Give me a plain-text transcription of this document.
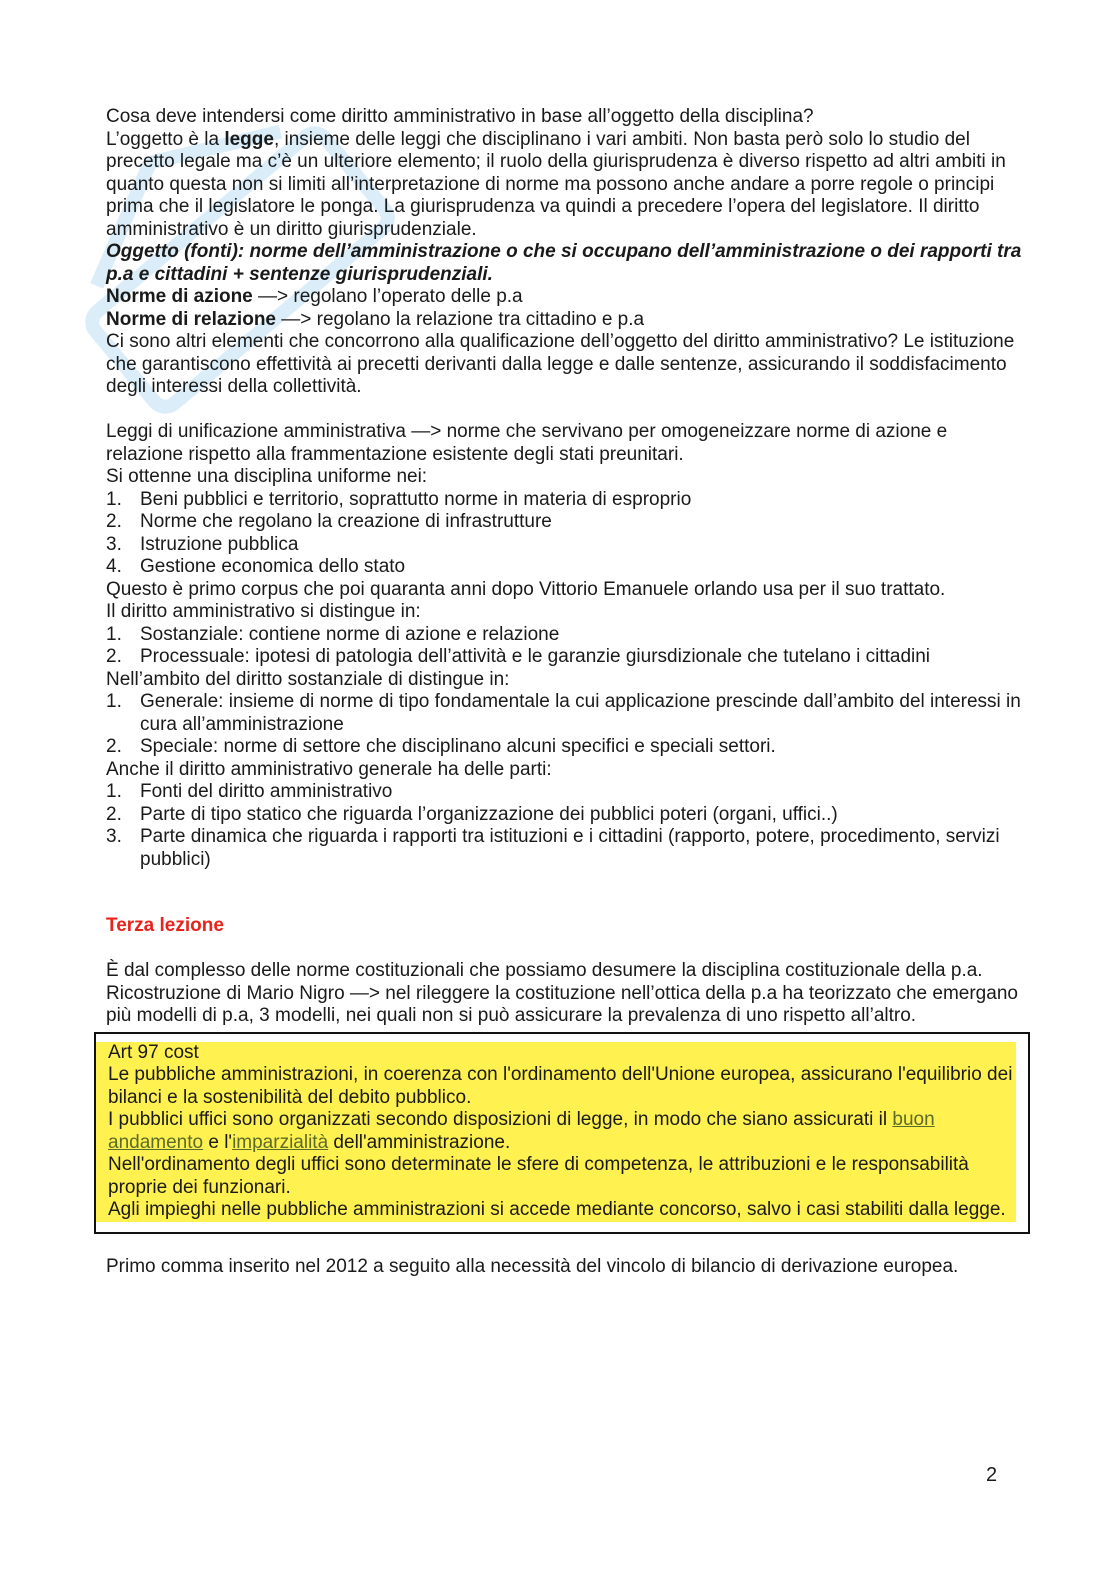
Cosa deve intendersi come diritto amministrativo in base all’oggetto della disciplina?

L’oggetto è la legge, insieme delle leggi che disciplinano i vari ambiti. Non basta però solo lo studio del precetto legale ma c’è un ulteriore elemento; il ruolo della giurisprudenza è diverso rispetto ad altri ambiti in quanto questa non si limiti all’interpretazione di norme ma possono anche andare a porre regole o principi prima che il legislatore le ponga. La giurisprudenza va quindi a precedere l’opera del legislatore. Il diritto amministrativo è un diritto giurisprudenziale.

Oggetto (fonti): norme dell’amministrazione o che si occupano dell’amministrazione o dei rapporti tra p.a e cittadini + sentenze giurisprudenziali.

Norme di azione —> regolano l’operato delle p.a

Norme di relazione —> regolano la relazione tra cittadino e p.a

Ci sono altri elementi che concorrono alla qualificazione dell’oggetto del diritto amministrativo? Le istituzione che garantiscono effettività ai precetti derivanti dalla legge e dalle sentenze, assicurando il soddisfacimento degli interessi della collettività.

Leggi di unificazione amministrativa —> norme che servivano per omogeneizzare norme di azione e relazione rispetto alla frammentazione esistente degli stati preunitari.

Si ottenne una disciplina uniforme nei:

1. Beni pubblici e territorio, soprattutto norme in materia di esproprio
2. Norme che regolano la creazione di infrastrutture
3. Istruzione pubblica
4. Gestione economica dello stato

Questo è primo corpus che poi quaranta anni dopo Vittorio Emanuele orlando usa per il suo trattato.

Il diritto amministrativo si distingue in:

1. Sostanziale: contiene norme di azione e relazione
2. Processuale: ipotesi di patologia dell’attività e le garanzie giursdizionale che tutelano i cittadini

Nell’ambito del diritto sostanziale di distingue in:

1. Generale: insieme di norme di tipo fondamentale la cui applicazione prescinde dall’ambito del interessi in cura all’amministrazione
2. Speciale: norme di settore che disciplinano alcuni specifici e speciali settori.

Anche il diritto amministrativo generale ha delle parti:

1. Fonti del diritto amministrativo
2. Parte di tipo statico che riguarda l’organizzazione dei pubblici poteri (organi, uffici..)
3. Parte dinamica che riguarda i rapporti tra istituzioni e i cittadini (rapporto, potere, procedimento, servizi pubblici)

Terza lezione

È dal complesso delle norme costituzionali che possiamo desumere la disciplina costituzionale della p.a.

Ricostruzione di Mario Nigro —> nel rileggere la costituzione nell’ottica della p.a ha teorizzato che emergano più modelli di p.a, 3 modelli, nei quali non si può assicurare la prevalenza di uno rispetto all’altro.

Art 97 cost

Le pubbliche amministrazioni, in coerenza con l'ordinamento dell'Unione europea, assicurano l'equilibrio dei bilanci e la sostenibilità del debito pubblico.

I pubblici uffici sono organizzati secondo disposizioni di legge, in modo che siano assicurati il buon andamento e l'imparzialità dell'amministrazione.

Nell'ordinamento degli uffici sono determinate le sfere di competenza, le attribuzioni e le responsabilità proprie dei funzionari.

Agli impieghi nelle pubbliche amministrazioni si accede mediante concorso, salvo i casi stabiliti dalla legge.

Primo comma inserito nel 2012 a seguito alla necessità del vincolo di bilancio di derivazione europea.

2
